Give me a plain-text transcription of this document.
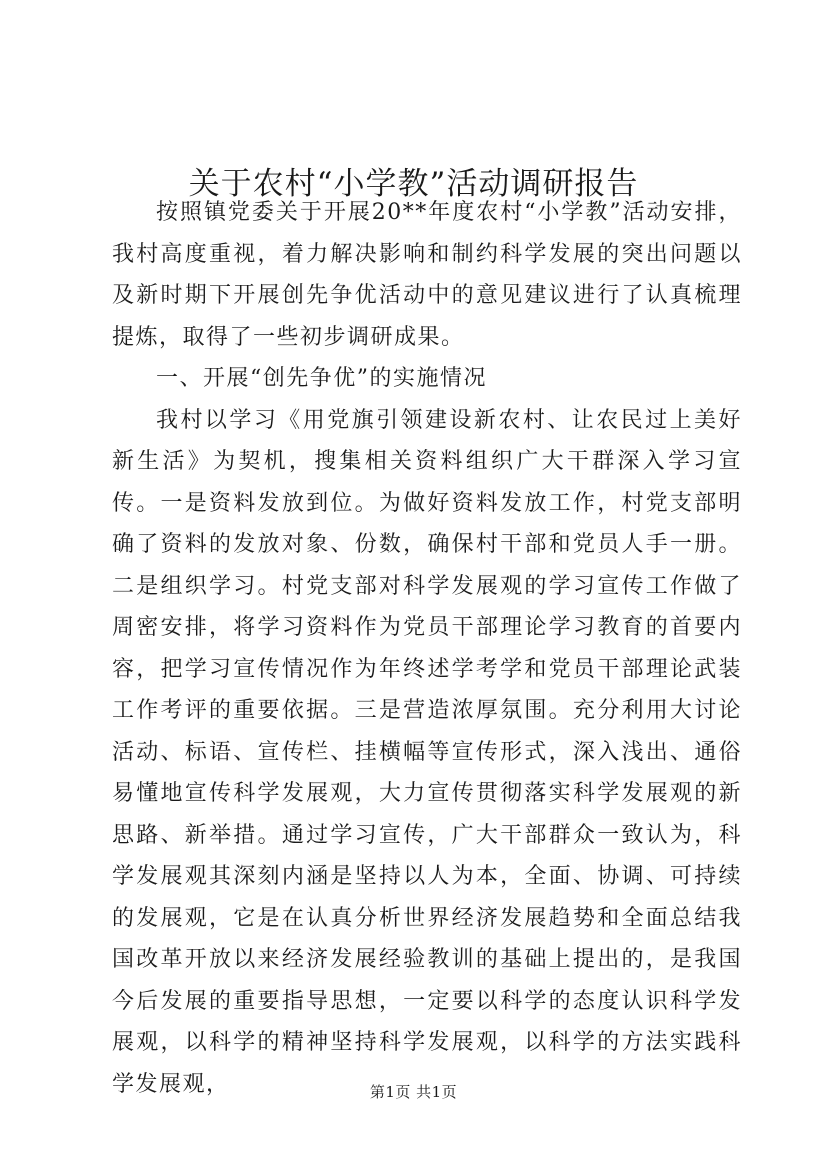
关于农村“小学教”活动调研报告

按照镇党委关于开展20**年度农村“小学教”活动安排，我村高度重视，着力解决影响和制约科学发展的突出问题以及新时期下开展创先争优活动中的意见建议进行了认真梳理提炼，取得了一些初步调研成果。

一、开展“创先争优”的实施情况

我村以学习《用党旗引领建设新农村、让农民过上美好新生活》为契机，搜集相关资料组织广大干群深入学习宣传。一是资料发放到位。为做好资料发放工作，村党支部明确了资料的发放对象、份数，确保村干部和党员人手一册。二是组织学习。村党支部对科学发展观的学习宣传工作做了周密安排，将学习资料作为党员干部理论学习教育的首要内容，把学习宣传情况作为年终述学考学和党员干部理论武装工作考评的重要依据。三是营造浓厚氛围。充分利用大讨论活动、标语、宣传栏、挂横幅等宣传形式，深入浅出、通俗易懂地宣传科学发展观，大力宣传贯彻落实科学发展观的新思路、新举措。通过学习宣传，广大干部群众一致认为，科学发展观其深刻内涵是坚持以人为本，全面、协调、可持续的发展观，它是在认真分析世界经济发展趋势和全面总结我国改革开放以来经济发展经验教训的基础上提出的，是我国今后发展的重要指导思想，一定要以科学的态度认识科学发展观，以科学的精神坚持科学发展观，以科学的方法实践科学发展观，	第1页 共1页
